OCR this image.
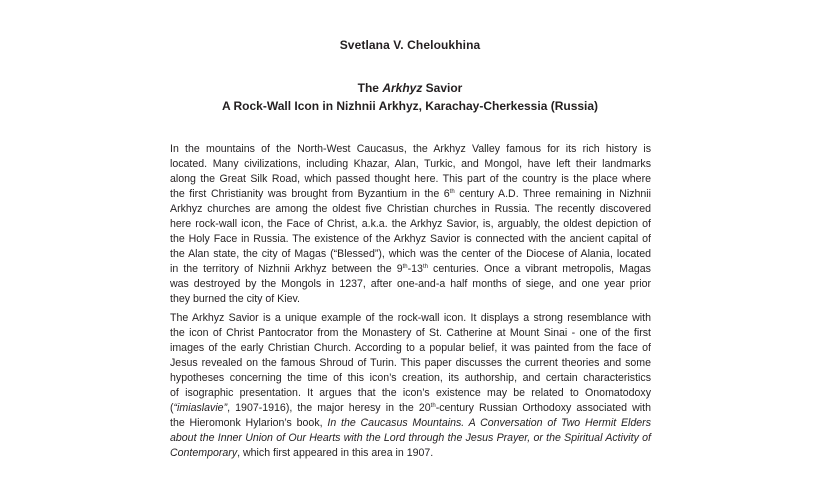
Svetlana V. Cheloukhina
The Arkhyz Savior
A Rock-Wall Icon in Nizhnii Arkhyz, Karachay-Cherkessia (Russia)
In the mountains of the North-West Caucasus, the Arkhyz Valley famous for its rich history is
located. Many civilizations, including Khazar, Alan, Turkic, and Mongol, have left their landmarks
along the Great Silk Road, which passed thought here. This part of the country is the place where
the first Christianity was brought from Byzantium in the 6th century A.D. Three remaining in Nizhnii
Arkhyz churches are among the oldest five Christian churches in Russia. The recently discovered
here rock-wall icon, the Face of Christ, a.k.a. the Arkhyz Savior, is, arguably, the oldest depiction of
the Holy Face in Russia. The existence of the Arkhyz Savior is connected with the ancient capital of
the Alan state, the city of Magas (“Blessed”), which was the center of the Diocese of Alania, located
in the territory of Nizhnii Arkhyz between the 9th-13th centuries. Once a vibrant metropolis, Magas
was destroyed by the Mongols in 1237, after one-and-a half months of siege, and one year prior
they burned the city of Kiev.
The Arkhyz Savior is a unique example of the rock-wall icon. It displays a strong resemblance with
the icon of Christ Pantocrator from the Monastery of St. Catherine at Mount Sinai - one of the first
images of the early Christian Church. According to a popular belief, it was painted from the face of
Jesus revealed on the famous Shroud of Turin. This paper discusses the current theories and some
hypotheses concerning the time of this icon’s creation, its authorship, and certain characteristics
of isographic presentation. It argues that the icon’s existence may be related to Onomatodoxy
(“imiaslavie”, 1907-1916), the major heresy in the 20th-century Russian Orthodoxy associated with
the Hieromonk Hylarion’s book, In the Caucasus Mountains. A Conversation of Two Hermit Elders
about the Inner Union of Our Hearts with the Lord through the Jesus Prayer, or the Spiritual Activity of
Contemporary, which first appeared in this area in 1907.
